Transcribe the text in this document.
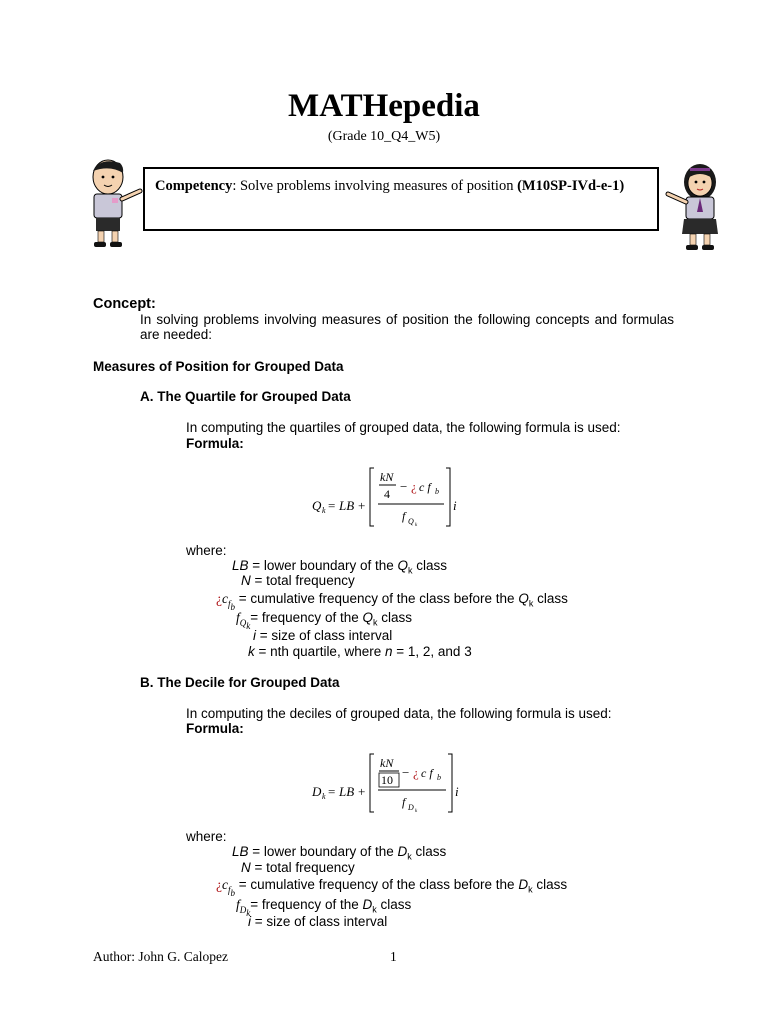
MATHepedia
(Grade 10_Q4_W5)
Competency: Solve problems involving measures of position (M10SP-IVd-e-1)
Concept:
In solving problems involving measures of position the following concepts and formulas are needed:
Measures of Position for Grouped Data
A. The Quartile for Grouped Data
In computing the quartiles of grouped data, the following formula is used:
Formula:
Q k = LB +
kN
4 − ¿ c f b
f Q k
i
where:
LB = lower boundary of the $Q_k$ class
N = total frequency
¿$c_{f_b}$ = cumulative frequency of the class before the $Q_k$ class
$f_{Q_k}=$ frequency of the $Q_k$ class
i = size of class interval
k = nth quartile, where n = 1, 2, and 3
B. The Decile for Grouped Data
In computing the deciles of grouped data, the following formula is used:
Formula:
D k = LB +
kN
10 − ¿ c f b
f D k
i
where:
LB = lower boundary of the $D_k$ class
N = total frequency
¿$c_{f_b}$ = cumulative frequency of the class before the $D_k$ class
$f_{D_k}=$ frequency of the $D_k$ class
i = size of class interval
Author: John G. Calopez	1
